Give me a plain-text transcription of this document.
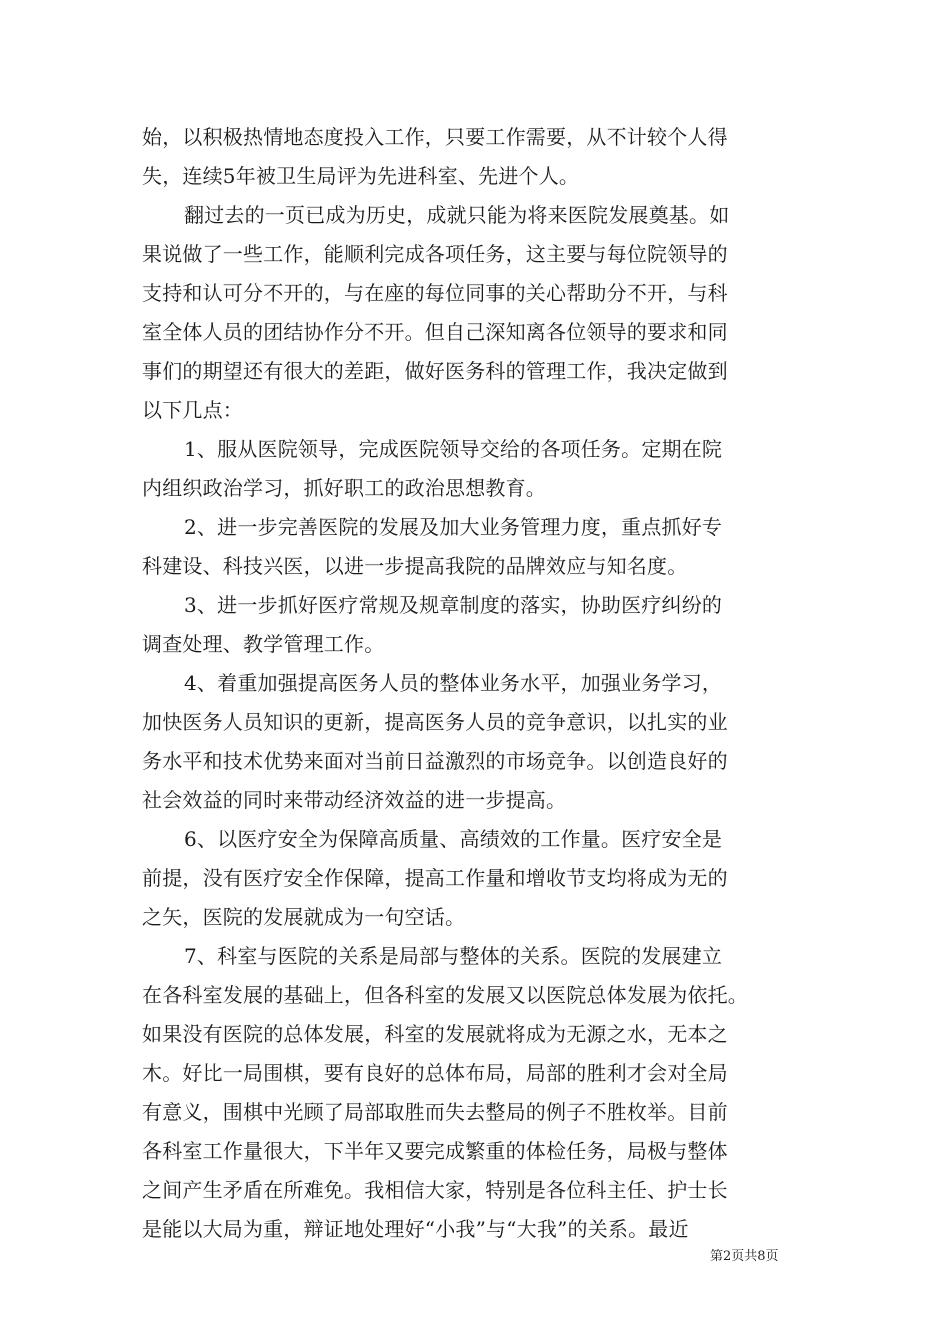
始，以积极热情地态度投入工作，只要工作需要，从不计较个人得
失，连续5年被卫生局评为先进科室、先进个人。
翻过去的一页已成为历史，成就只能为将来医院发展奠基。如
果说做了一些工作，能顺利完成各项任务，这主要与每位院领导的
支持和认可分不开的，与在座的每位同事的关心帮助分不开，与科
室全体人员的团结协作分不开。但自己深知离各位领导的要求和同
事们的期望还有很大的差距，做好医务科的管理工作，我决定做到
以下几点：
1、服从医院领导，完成医院领导交给的各项任务。定期在院
内组织政治学习，抓好职工的政治思想教育。
2、进一步完善医院的发展及加大业务管理力度，重点抓好专
科建设、科技兴医，以进一步提高我院的品牌效应与知名度。
3、进一步抓好医疗常规及规章制度的落实，协助医疗纠纷的
调查处理、教学管理工作。
4、着重加强提高医务人员的整体业务水平，加强业务学习，
加快医务人员知识的更新，提高医务人员的竞争意识，以扎实的业
务水平和技术优势来面对当前日益激烈的市场竞争。以创造良好的
社会效益的同时来带动经济效益的进一步提高。
6、以医疗安全为保障高质量、高绩效的工作量。医疗安全是
前提，没有医疗安全作保障，提高工作量和增收节支均将成为无的
之矢，医院的发展就成为一句空话。
7、科室与医院的关系是局部与整体的关系。医院的发展建立
在各科室发展的基础上，但各科室的发展又以医院总体发展为依托。
如果没有医院的总体发展，科室的发展就将成为无源之水，无本之
木。好比一局围棋，要有良好的总体布局，局部的胜利才会对全局
有意义，围棋中光顾了局部取胜而失去整局的例子不胜枚举。目前
各科室工作量很大，下半年又要完成繁重的体检任务，局极与整体
之间产生矛盾在所难免。我相信大家，特别是各位科主任、护士长
是能以大局为重，辩证地处理好“小我”与“大我”的关系。最近
第2页共8页
